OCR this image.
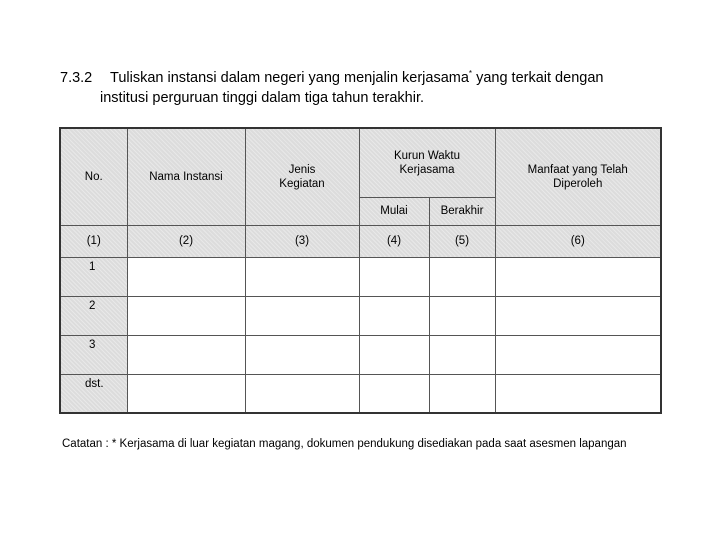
7.3.2 Tuliskan instansi dalam negeri yang menjalin kerjasama* yang terkait dengan
institusi perguruan tinggi dalam tiga tahun terakhir.
No.	Nama Instansi	Jenis Kegiatan	Kurun Waktu Kerjasama		Manfaat yang Telah Diperoleh
			Mulai	Berakhir	
(1)	(2)	(3)	(4)	(5)	(6)
1					
2					
3					
dst.					
Catatan : * Kerjasama di luar kegiatan magang, dokumen pendukung disediakan pada saat asesmen lapangan
